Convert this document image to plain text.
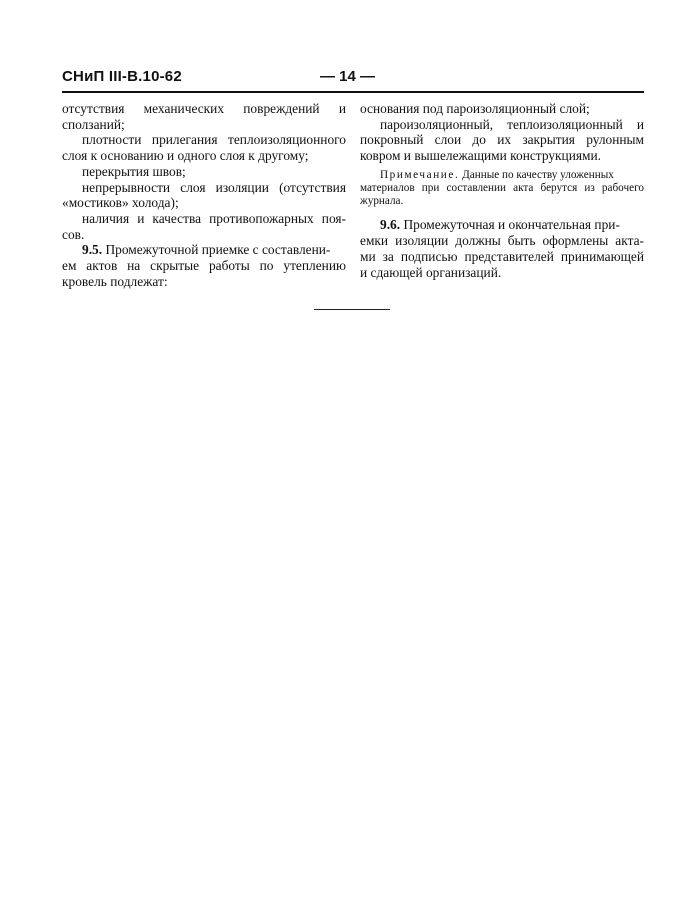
СНиП III-В.10-62	— 14 —
отсутствия механических повреждений и
сползаний;
плотности прилегания теплоизоляционного
слоя к основанию и одного слоя к другому;
перекрытия швов;
непрерывности слоя изоляции (отсутствия
«мостиков» холода);
наличия и качества противопожарных поя-
сов.
9.5. Промежуточной приемке с составлени-
ем актов на скрытые работы по утеплению
кровель подлежат:
основания под пароизоляционный слой;
пароизоляционный, теплоизоляционный и
покровный слои до их закрытия рулонным
ковром и вышележащими конструкциями.
Примечание. Данные по качеству уложенных
материалов при составлении акта берутся из рабочего
журнала.
9.6. Промежуточная и окончательная при-
емки изоляции должны быть оформлены акта-
ми за подписью представителей принимающей
и сдающей организаций.
